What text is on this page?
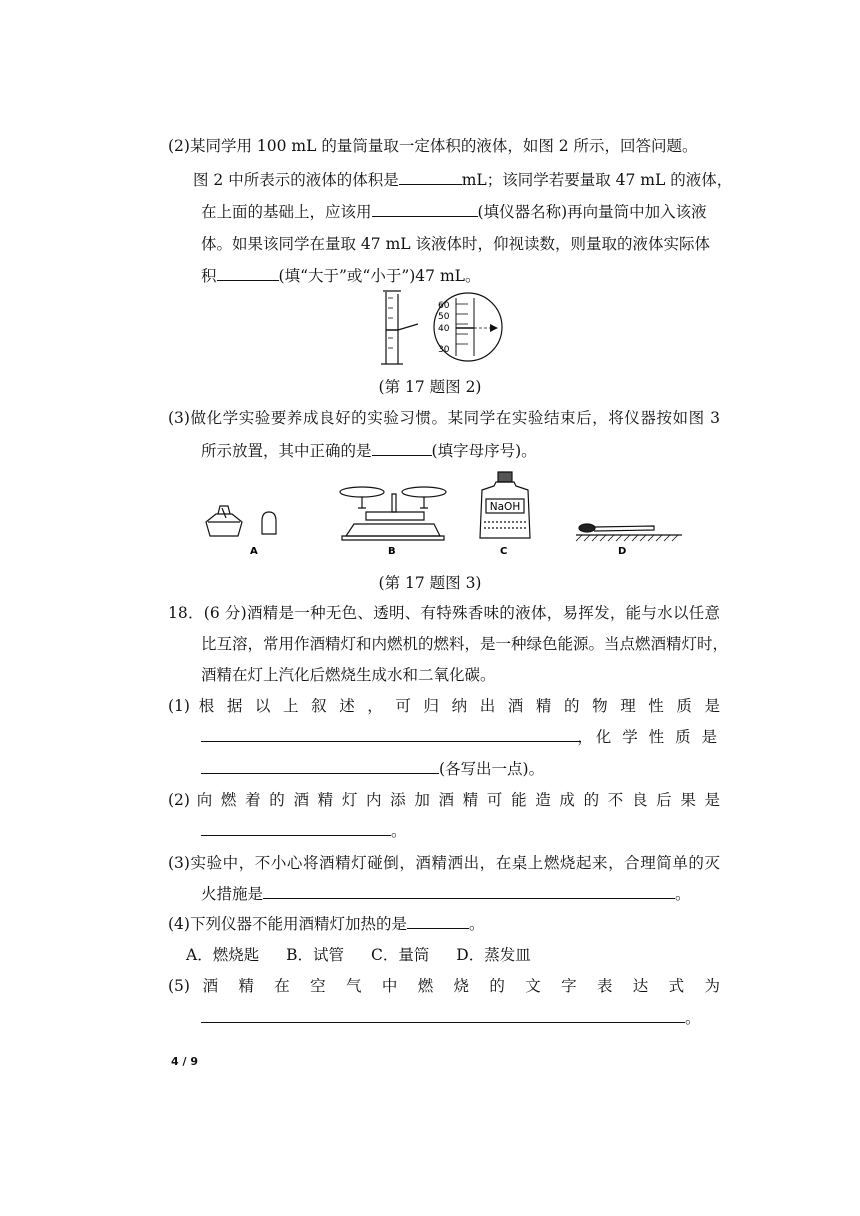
(2)某同学用 100 mL 的量筒量取一定体积的液体，如图 2 所示，回答问题。
图 2 中所表示的液体的体积是	mL；该同学若要量取 47 mL 的液体，
在上面的基础上，应该用	(填仪器名称)再向量筒中加入该液
体。如果该同学在量取 47 mL 该液体时，仰视读数，则量取的液体实际体
积	(填“大于”或“小于”)47 mL。
60
50
40
30
(第 17 题图 2)
(3)做化学实验要养成良好的实验习惯。某同学在实验结束后，将仪器按如图 3
所示放置，其中正确的是	(填字母序号)。
NaOH
A	B	C	D
(第 17 题图 3)
18．(6 分)酒精是一种无色、透明、有特殊香味的液体，易挥发，能与水以任意
比互溶，常用作酒精灯和内燃机的燃料，是一种绿色能源。当点燃酒精灯时，
酒精在灯上汽化后燃烧生成水和二氧化碳。
(1) 根 据 以 上 叙 述 ， 可 归 纳 出 酒 精 的 物 理 性 质 是
，化 学 性 质 是
(各写出一点)。
(2) 向 燃 着 的 酒 精 灯 内 添 加 酒 精 可 能 造 成 的 不 良 后 果 是
。
(3)实验中，不小心将酒精灯碰倒，酒精洒出，在桌上燃烧起来，合理简单的灭
火措施是	。
(4)下列仪器不能用酒精灯加热的是	。
A．燃烧匙 B．试管 C．量筒 D．蒸发皿
(5) 酒 精 在 空 气 中 燃 烧 的 文 字 表 达 式 为
。
4 / 9
